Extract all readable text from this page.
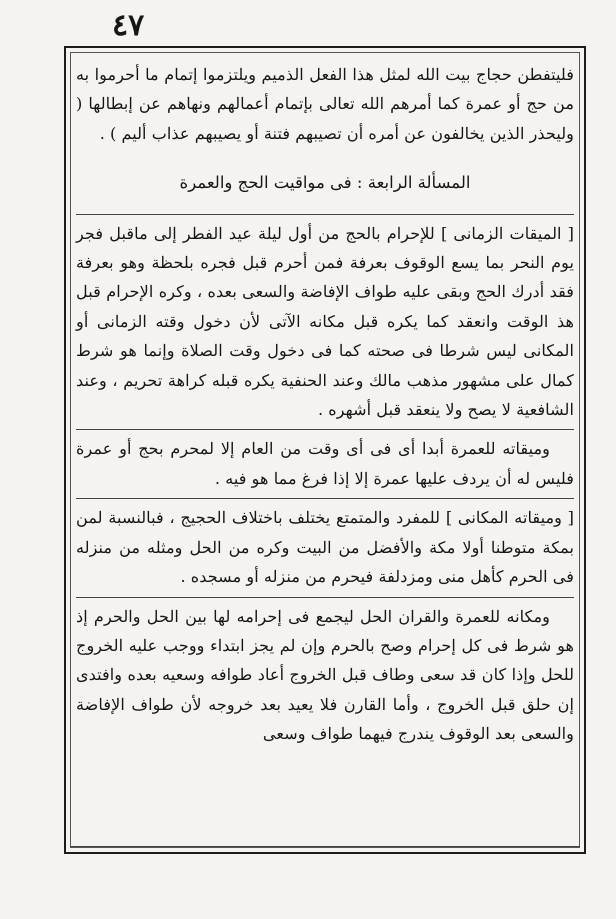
٤٧

فليتفطن حجاج بيت الله لمثل هذا الفعل الذميم ويلتزموا إتمام ما أحرموا به من حج أو عمرة كما أمرهم الله تعالى بإتمام أعمالهم ونهاهم عن إبطالها ( وليحذر الذين يخالفون عن أمره أن تصيبهم فتنة أو يصيبهم عذاب أليم ) .

المسألة الرابعة : فى مواقيت الحج والعمرة

[ الميقات الزمانى ] للإحرام بالحج من أول ليلة عيد الفطر إلى ماقبل فجر يوم النحر بما يسع الوقوف بعرفة فمن أحرم قبل فجره بلحظة وهو بعرفة فقد أدرك الحج وبقى عليه طواف الإفاضة والسعى بعده ، وكره الإحرام قبل هذ الوقت وانعقد كما يكره قبل مكانه الآتى لأن دخول وقته الزمانى أو المكانى ليس شرطا فى صحته كما فى دخول وقت الصلاة وإنما هو شرط كمال على مشهور مذهب مالك وعند الحنفية يكره قبله كراهة تحريم ، وعند الشافعية لا يصح ولا ينعقد قبل أشهره .

وميقاته للعمرة أبدا أى فى أى وقت من العام إلا لمحرم بحج أو عمرة فليس له أن يردف عليها عمرة إلا إذا فرغ مما هو فيه .

[ وميقاته المكانى ] للمفرد والمتمتع يختلف باختلاف الحجيج ، فبالنسبة لمن بمكة متوطنا أولا مكة والأفضل من البيت وكره من الحل ومثله من منزله فى الحرم كأهل منى ومزدلفة فيحرم من منزله أو مسجده .

ومكانه للعمرة والقران الحل ليجمع فى إحرامه لها بين الحل والحرم إذ هو شرط فى كل إحرام وصح بالحرم وإن لم يجز ابتداء ووجب عليه الخروج للحل وإذا كان قد سعى وطاف قبل الخروج أعاد طوافه وسعيه بعده وافتدى إن حلق قبل الخروج ، وأما القارن فلا يعيد بعد خروجه لأن طواف الإفاضة والسعى بعد الوقوف يندرج فيهما طواف وسعى
